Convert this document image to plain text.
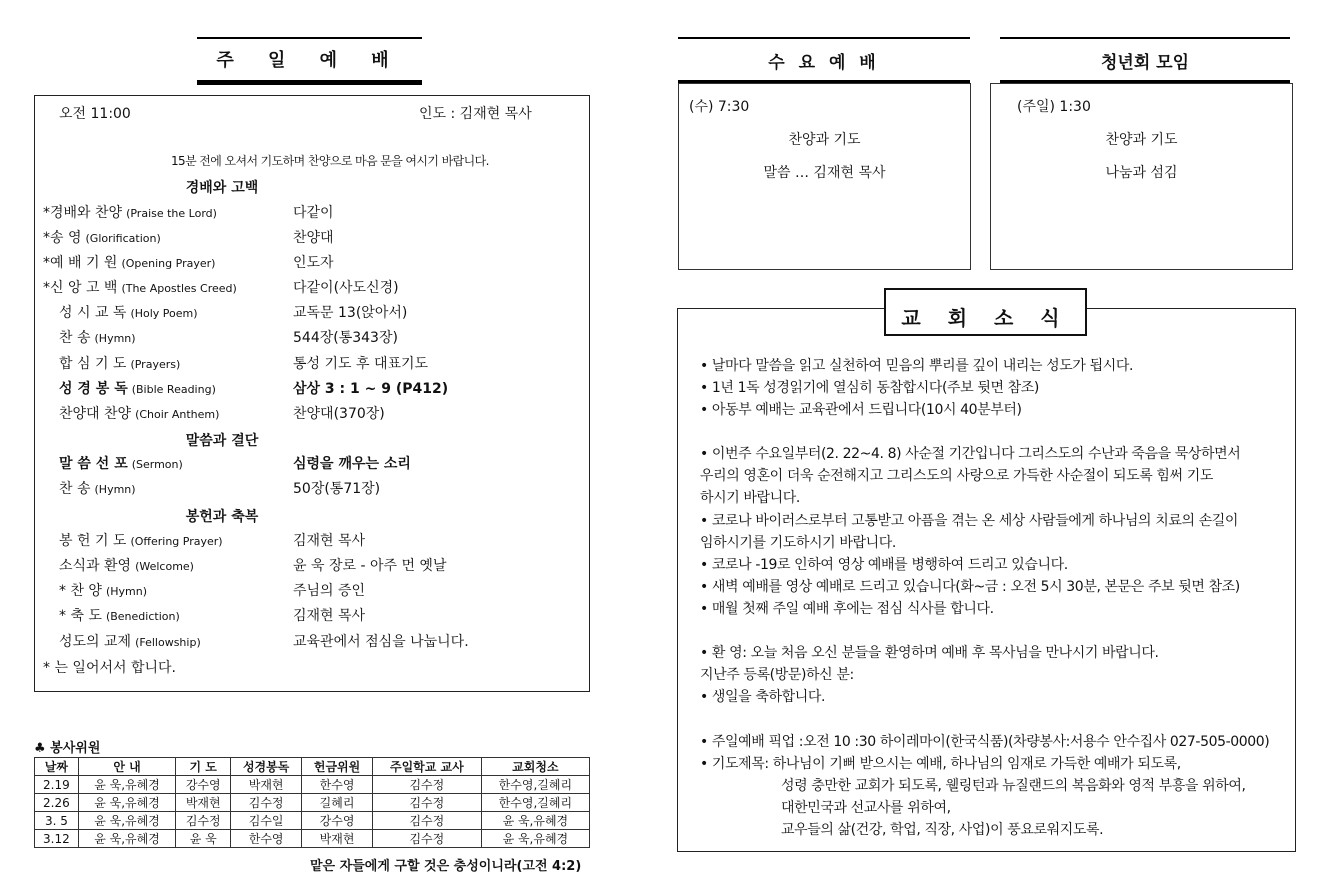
주 일 예 배
오전 11:00	인도 : 김재현 목사
15분 전에 오셔서 기도하며 찬양으로 마음 문을 여시기 바랍니다.
경배와 고백
말씀과 결단
봉헌과 축복
*경배와 찬양 (Praise the Lord)	다같이
*송 영 (Glorification)	찬양대
*예 배 기 원 (Opening Prayer)	인도자
*신 앙 고 백 (The Apostles Creed)	다같이(사도신경)
성 시 교 독 (Holy Poem)	교독문 13(앉아서)
찬 송 (Hymn)	544장(통343장)
합 심 기 도 (Prayers)	통성 기도 후 대표기도
성 경 봉 독 (Bible Reading)	삼상 3 : 1 ~ 9 (P412)
찬양대 찬양 (Choir Anthem)	찬양대(370장)
말 씀 선 포 (Sermon)	심령을 깨우는 소리
찬 송 (Hymn)	50장(통71장)
봉 헌 기 도 (Offering Prayer)	김재현 목사
소식과 환영 (Welcome)	윤 욱 장로 - 아주 먼 옛날
* 찬 양 (Hymn)	주님의 증인
* 축 도 (Benediction)	김재현 목사
성도의 교제 (Fellowship)	교육관에서 점심을 나눕니다.
* 는 일어서서 합니다.
♣ 봉사위원
날짜	안 내	기 도	성경봉독	헌금위원	주일학교 교사	교회청소
2.19	윤 욱,유혜경	강수영	박재현	한수영	김수정	한수영,길혜리
2.26	윤 욱,유혜경	박재현	김수정	길혜리	김수정	한수영,길혜리
3. 5	윤 욱,유혜경	김수정	김수일	강수영	김수정	윤 욱,유혜경
3.12	윤 욱,유혜경	윤 욱	한수영	박재현	김수정	윤 욱,유혜경
맡은 자들에게 구할 것은 충성이니라(고전 4:2)
수 요 예 배
(수) 7:30
찬양과 기도
말씀 … 김재현 목사
청년회 모임
(주일) 1:30
찬양과 기도
나눔과 섬김
교 회 소 식
• 날마다 말씀을 읽고 실천하여 믿음의 뿌리를 깊이 내리는 성도가 됩시다.
• 1년 1독 성경읽기에 열심히 동참합시다(주보 뒷면 참조)
• 아동부 예배는 교육관에서 드립니다(10시 40분부터)
• 이번주 수요일부터(2. 22~4. 8) 사순절 기간입니다 그리스도의 수난과 죽음을 묵상하면서
우리의 영혼이 더욱 순전해지고 그리스도의 사랑으로 가득한 사순절이 되도록 힘써 기도
하시기 바랍니다.
• 코로나 바이러스로부터 고통받고 아픔을 겪는 온 세상 사람들에게 하나님의 치료의 손길이
임하시기를 기도하시기 바랍니다.
• 코로나 -19로 인하여 영상 예배를 병행하여 드리고 있습니다.
• 새벽 예배를 영상 예배로 드리고 있습니다(화~금 : 오전 5시 30분, 본문은 주보 뒷면 참조)
• 매월 첫째 주일 예배 후에는 점심 식사를 합니다.
• 환 영: 오늘 처음 오신 분들을 환영하며 예배 후 목사님을 만나시기 바랍니다.
지난주 등록(방문)하신 분:
• 생일을 축하합니다.
• 주일예배 픽업 :오전 10 :30 하이레마이(한국식품)(차량봉사:서용수 안수집사 027-505-0000)
• 기도제목: 하나님이 기뻐 받으시는 예배, 하나님의 임재로 가득한 예배가 되도록,
성령 충만한 교회가 되도록, 웰링턴과 뉴질랜드의 복음화와 영적 부흥을 위하여,
대한민국과 선교사를 위하여,
교우들의 삶(건강, 학업, 직장, 사업)이 풍요로워지도록.
